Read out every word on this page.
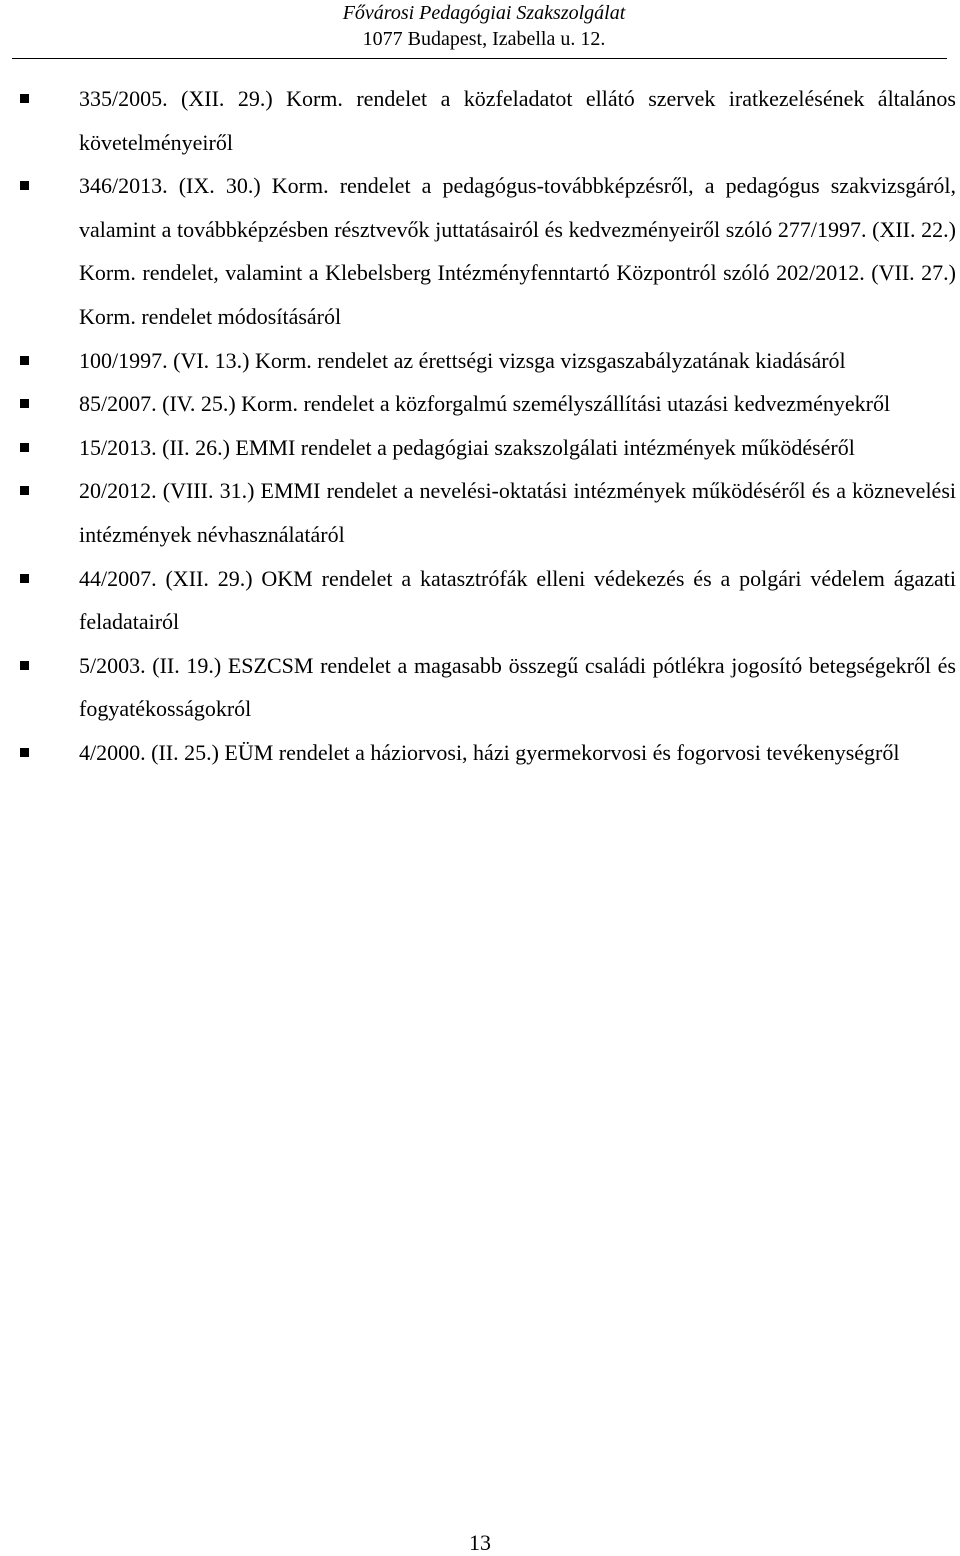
Fővárosi Pedagógiai Szakszolgálat
1077 Budapest, Izabella u. 12.
335/2005. (XII. 29.) Korm. rendelet a közfeladatot ellátó szervek iratkezelésének általános követelményeiről
346/2013. (IX. 30.) Korm. rendelet a pedagógus-továbbképzésről, a pedagógus szakvizsgáról, valamint a továbbképzésben résztvevők juttatásairól és kedvezményeiről szóló 277/1997. (XII. 22.) Korm. rendelet, valamint a Klebelsberg Intézményfenntartó Központról szóló 202/2012. (VII. 27.) Korm. rendelet módosításáról
100/1997. (VI. 13.) Korm. rendelet az érettségi vizsga vizsgaszabályzatának kiadásáról
85/2007. (IV. 25.) Korm. rendelet a közforgalmú személyszállítási utazási kedvezményekről
15/2013. (II. 26.) EMMI rendelet a pedagógiai szakszolgálati intézmények működéséről
20/2012. (VIII. 31.) EMMI rendelet a nevelési-oktatási intézmények működéséről és a köznevelési intézmények névhasználatáról
44/2007. (XII. 29.) OKM rendelet a katasztrófák elleni védekezés és a polgári védelem ágazati feladatairól
5/2003. (II. 19.) ESZCSM rendelet a magasabb összegű családi pótlékra jogosító betegségekről és fogyatékosságokról
4/2000. (II. 25.) EÜM rendelet a háziorvosi, házi gyermekorvosi és fogorvosi tevékenységről
13
